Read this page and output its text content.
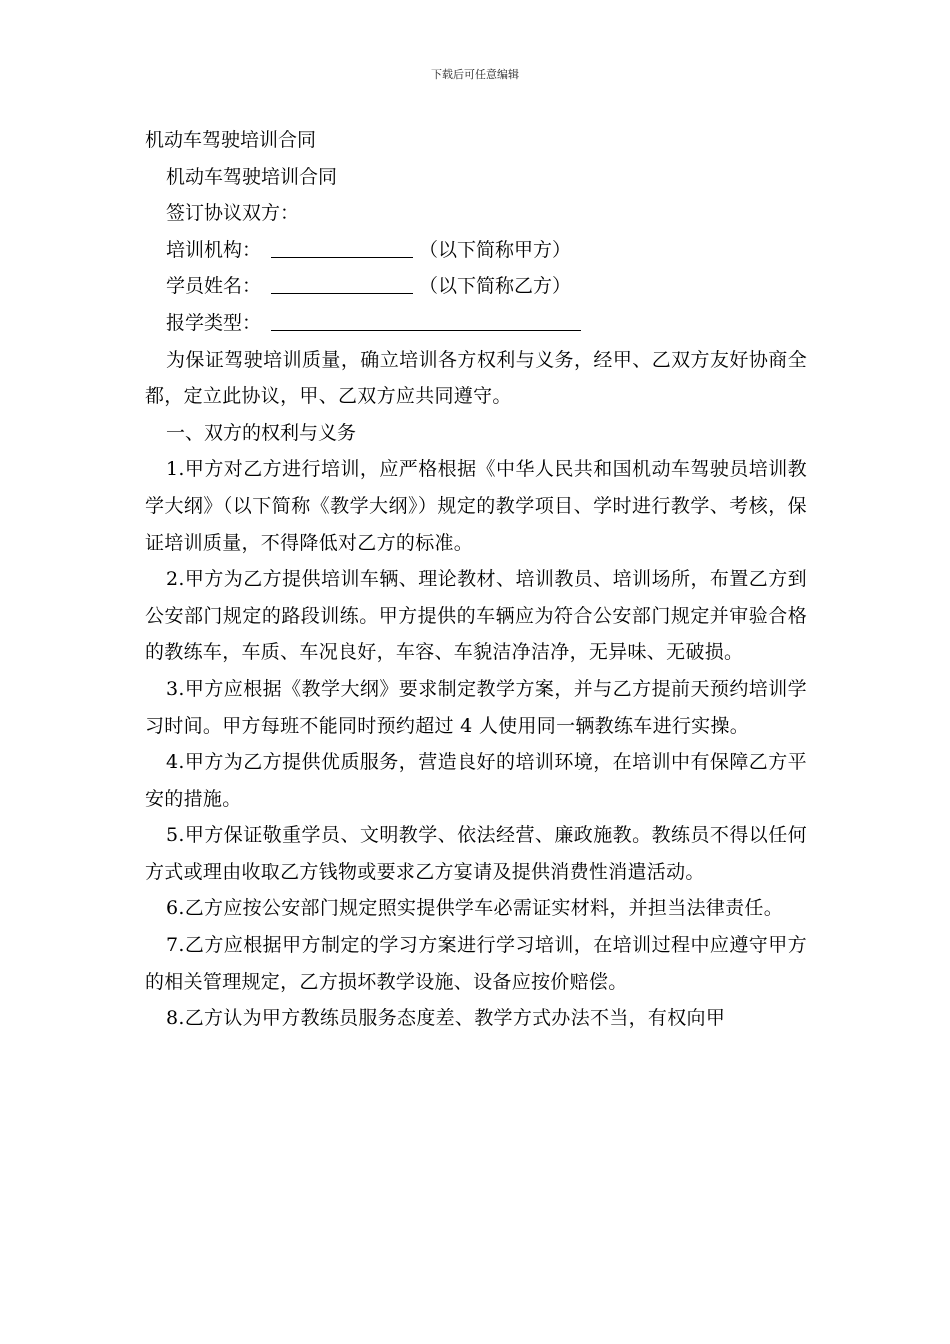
下载后可任意编辑

机动车驾驶培训合同

机动车驾驶培训合同

签订协议双方：

培训机构：	（以下简称甲方）

学员姓名：	（以下简称乙方）

报学类型：

为保证驾驶培训质量，确立培训各方权利与义务，经甲、乙双方友好协商全都，定立此协议，甲、乙双方应共同遵守。

一、双方的权利与义务

1.甲方对乙方进行培训，应严格根据《中华人民共和国机动车驾驶员培训教学大纲》（以下简称《教学大纲》）规定的教学项目、学时进行教学、考核，保证培训质量，不得降低对乙方的标准。

2.甲方为乙方提供培训车辆、理论教材、培训教员、培训场所，布置乙方到公安部门规定的路段训练。甲方提供的车辆应为符合公安部门规定并审验合格的教练车，车质、车况良好，车容、车貌洁净洁净，无异味、无破损。

3.甲方应根据《教学大纲》要求制定教学方案，并与乙方提前天预约培训学习时间。甲方每班不能同时预约超过 4 人使用同一辆教练车进行实操。

4.甲方为乙方提供优质服务，营造良好的培训环境，在培训中有保障乙方平安的措施。

5.甲方保证敬重学员、文明教学、依法经营、廉政施教。教练员不得以任何方式或理由收取乙方钱物或要求乙方宴请及提供消费性消遣活动。

6.乙方应按公安部门规定照实提供学车必需证实材料，并担当法律责任。

7.乙方应根据甲方制定的学习方案进行学习培训，在培训过程中应遵守甲方的相关管理规定，乙方损坏教学设施、设备应按价赔偿。

8.乙方认为甲方教练员服务态度差、教学方式办法不当，有权向甲
